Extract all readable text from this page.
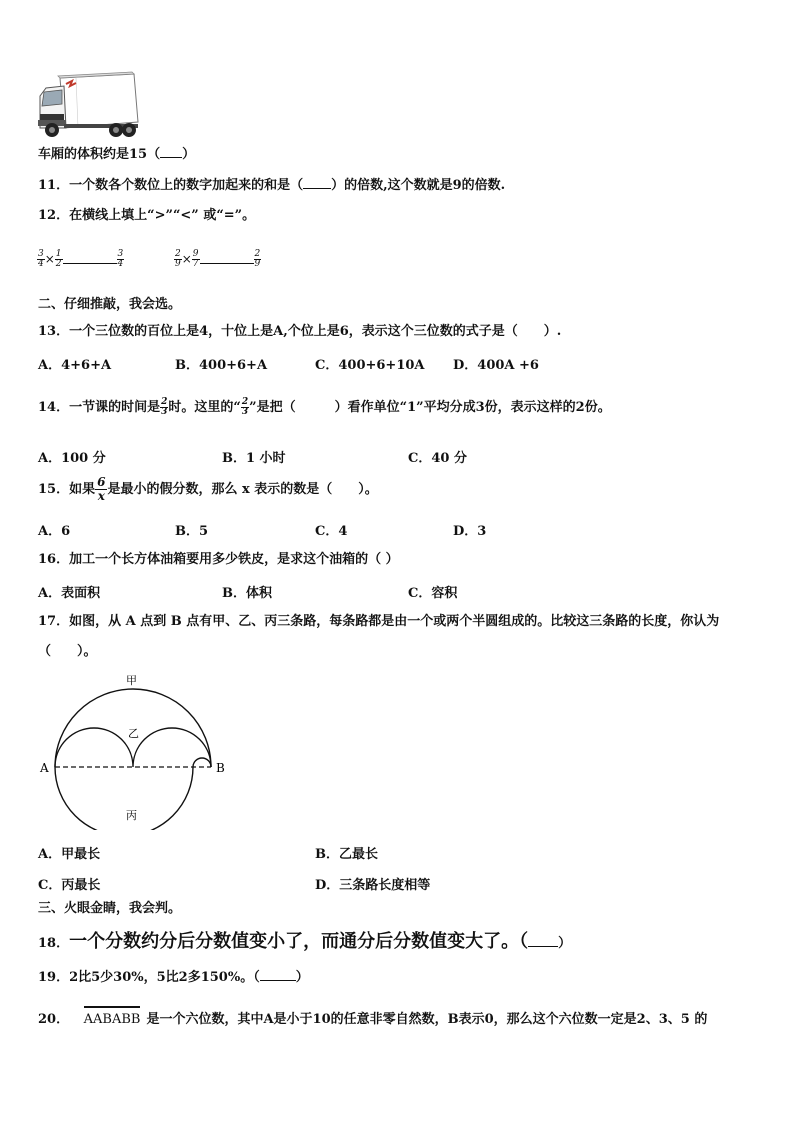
车厢的体积约是15（ ）
11．一个数各个数位上的数字加起来的和是（ ）的倍数,这个数就是9的倍数.
12．在横线上填上“>”“<” 或“=”。
$\frac{3}{4} \times \frac{1}{2}$	$\frac{3}{4}$	$\frac{2}{9} \times \frac{9}{7}$	$\frac{2}{9}$
二、仔细推敲，我会选。
13．一个三位数的百位上是4，十位上是A,个位上是6，表示这个三位数的式子是（　　）.
A．4+6+A	B．400+6+A	C．400+6+10A D．400A +6
14．一节课的时间是 $\frac{2}{3}$ 时。这里的“ $\frac{2}{3}$ ”是把（　　　）看作单位“1”平均分成3份，表示这样的2份。
A．100 分	B．1 小时	C．40 分
15．如果 $\frac{6}{x}$是最小的假分数，那么 x 表示的数是（　　）。
A．6	B．5	C．4	D．3
16．加工一个长方体油箱要用多少铁皮，是求这个油箱的（ ）
A．表面积	B．体积	C．容积
17．如图，从 A 点到 B 点有甲、乙、丙三条路，每条路都是由一个或两个半圆组成的。比较这三条路的长度，你认为
（　　）。
甲
乙
丙
A	B
A．甲最长	B．乙最长
C．丙最长	D．三条路长度相等
三、火眼金睛，我会判。
18．一个分数约分后分数值变小了，而通分后分数值变大了。（ ）
19．2比5少30%，5比2多150%。（	）
20． AABABB 是一个六位数，其中A是小于10的任意非零自然数，B表示0，那么这个六位数一定是2、3、5 的
